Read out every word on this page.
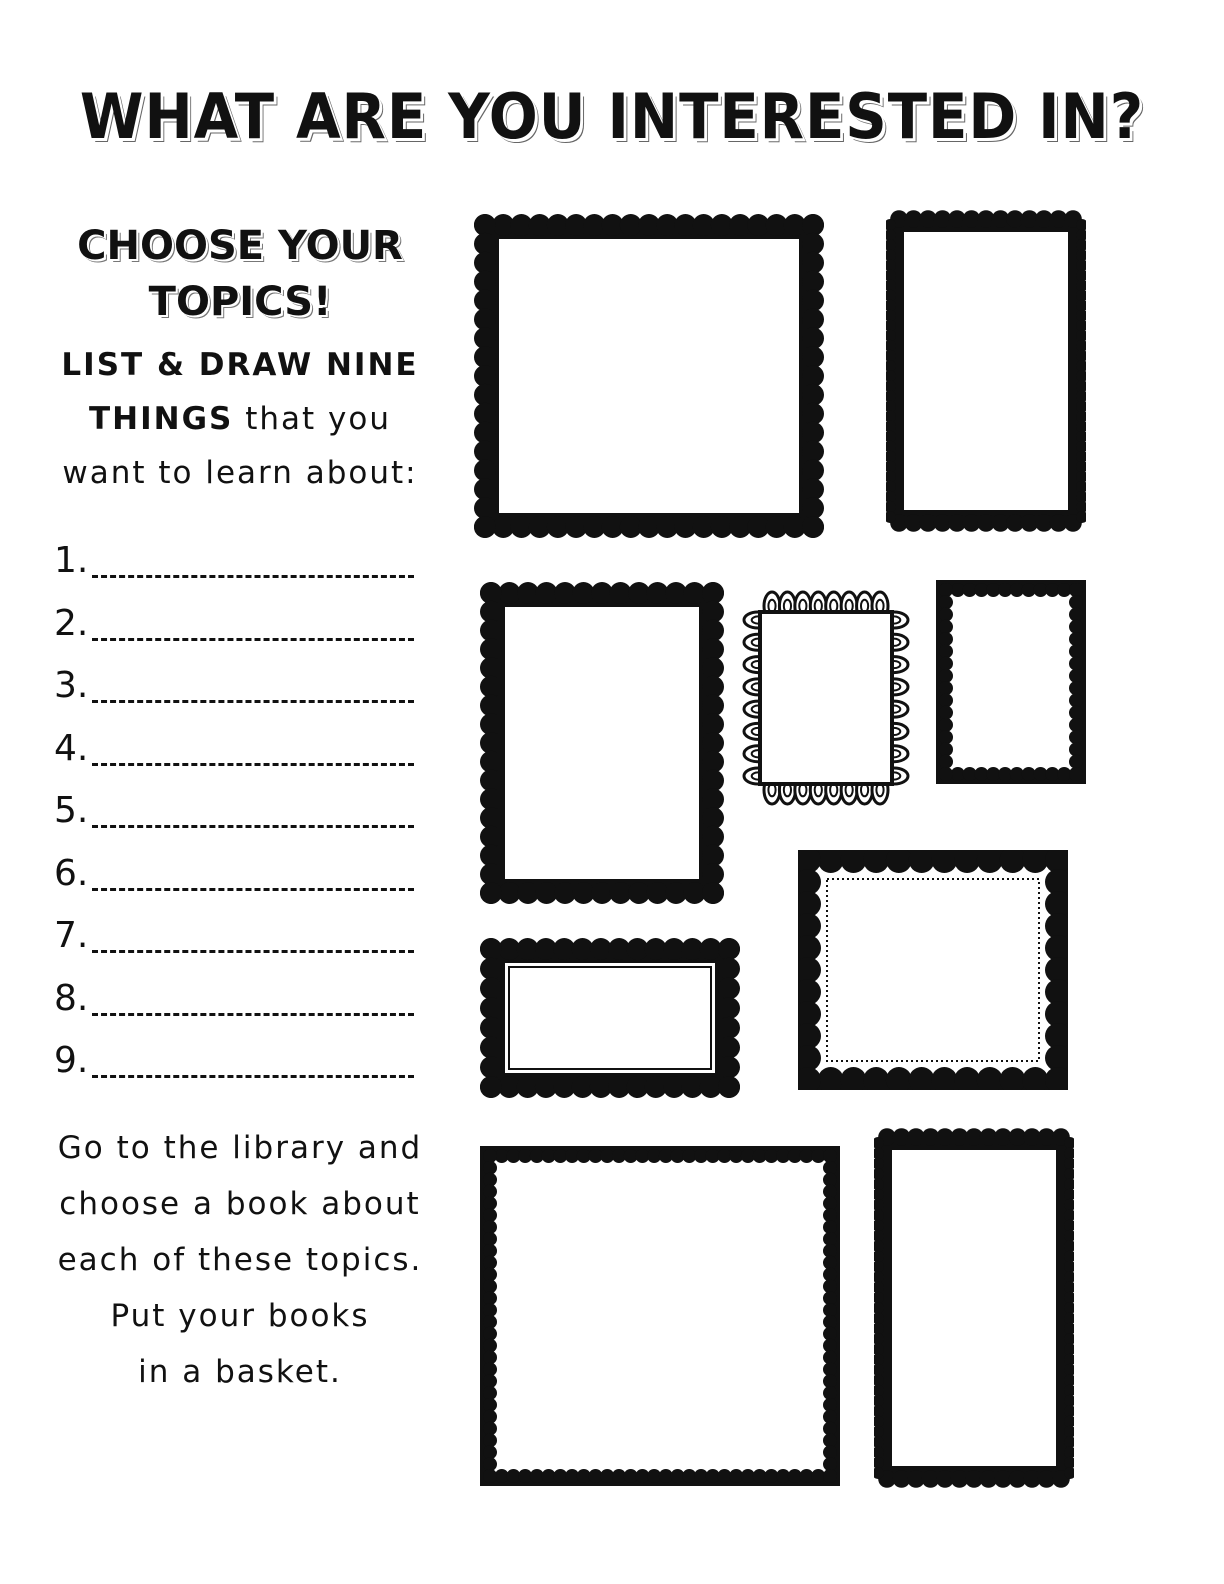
WHAT ARE YOU INTERESTED IN?
CHOOSE YOUR
TOPICS!
LIST & DRAW NINE
THINGS that you
want to learn about:
1.
2.
3.
4.
5.
6.
7.
8.
9.
Go to the library and
choose a book about
each of these topics.
Put your books
in a basket.
